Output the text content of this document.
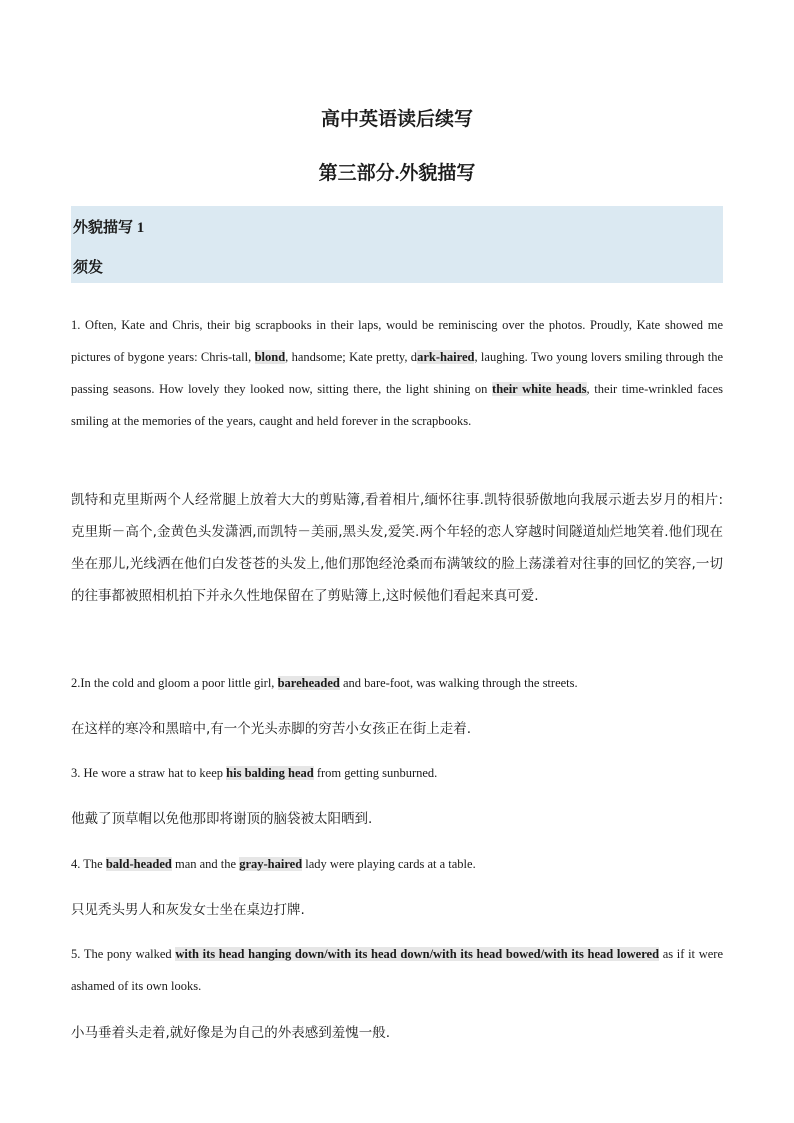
高中英语读后续写
第三部分.外貌描写
外貌描写 1
须发

1. Often, Kate and Chris, their big scrapbooks in their laps, would be reminiscing over the photos. Proudly, Kate showed me pictures of bygone years: Chris-tall, blond, handsome; Kate pretty, dark-haired, laughing. Two young lovers smiling through the passing seasons. How lovely they looked now, sitting there, the light shining on their white heads, their time-wrinkled faces smiling at the memories of the years, caught and held forever in the scrapbooks.

凯特和克里斯两个人经常腿上放着大大的剪贴簿,看着相片,缅怀往事.凯特很骄傲地向我展示逝去岁月的相片: 克里斯－高个,金黄色头发潇洒,而凯特－美丽,黑头发,爱笑.两个年轻的恋人穿越时间隧道灿烂地笑着.他们现在坐在那儿,光线洒在他们白发苍苍的头发上,他们那饱经沧桑而布满皱纹的脸上荡漾着对往事的回忆的笑容,一切的往事都被照相机拍下并永久性地保留在了剪贴簿上,这时候他们看起来真可爱.

2.In the cold and gloom a poor little girl, bareheaded and bare-foot, was walking through the streets.

在这样的寒冷和黑暗中,有一个光头赤脚的穷苦小女孩正在街上走着.

3. He wore a straw hat to keep his balding head from getting sunburned.

他戴了顶草帽以免他那即将谢顶的脑袋被太阳晒到.

4. The bald-headed man and the gray-haired lady were playing cards at a table.

只见秃头男人和灰发女士坐在桌边打牌.

5. The pony walked with its head hanging down/with its head down/with its head bowed/with its head lowered as if it were ashamed of its own looks.

小马垂着头走着,就好像是为自己的外表感到羞愧一般.
